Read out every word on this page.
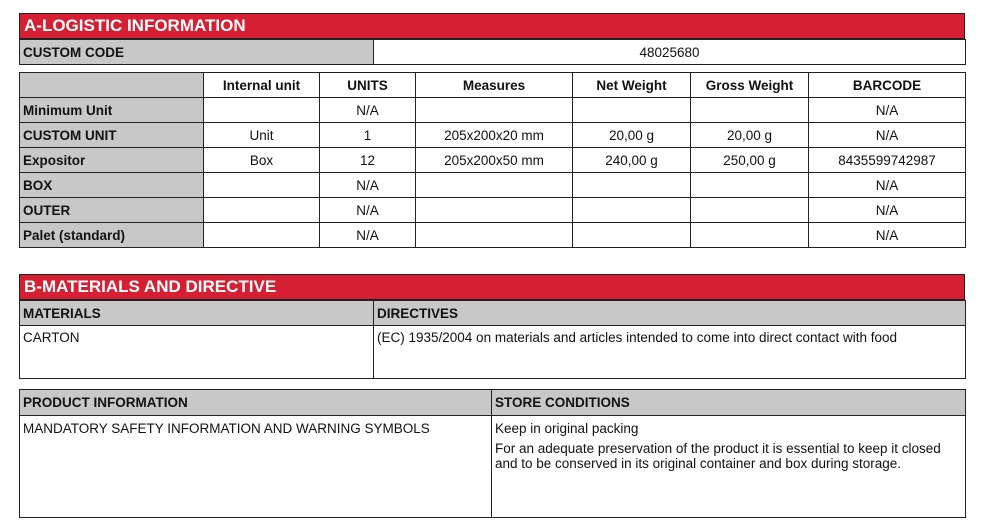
A-LOGISTIC INFORMATION
CUSTOM CODE	48025680
	Internal unit	UNITS	Measures	Net Weight	Gross Weight	BARCODE
Minimum Unit		N/A				N/A
CUSTOM UNIT	Unit	1	205x200x20 mm	20,00 g	20,00 g	N/A
Expositor	Box	12	205x200x50 mm	240,00 g	250,00 g	8435599742987
BOX		N/A				N/A
OUTER		N/A				N/A
Palet (standard)		N/A				N/A
B-MATERIALS AND DIRECTIVE
MATERIALS	DIRECTIVES
CARTON	(EC) 1935/2004 on materials and articles intended to come into direct contact with food
PRODUCT INFORMATION	STORE CONDITIONS
MANDATORY SAFETY INFORMATION AND WARNING SYMBOLS	Keep in original packing
For an adequate preservation of the product it is essential to keep it closed and to be conserved in its original container and box during storage.
